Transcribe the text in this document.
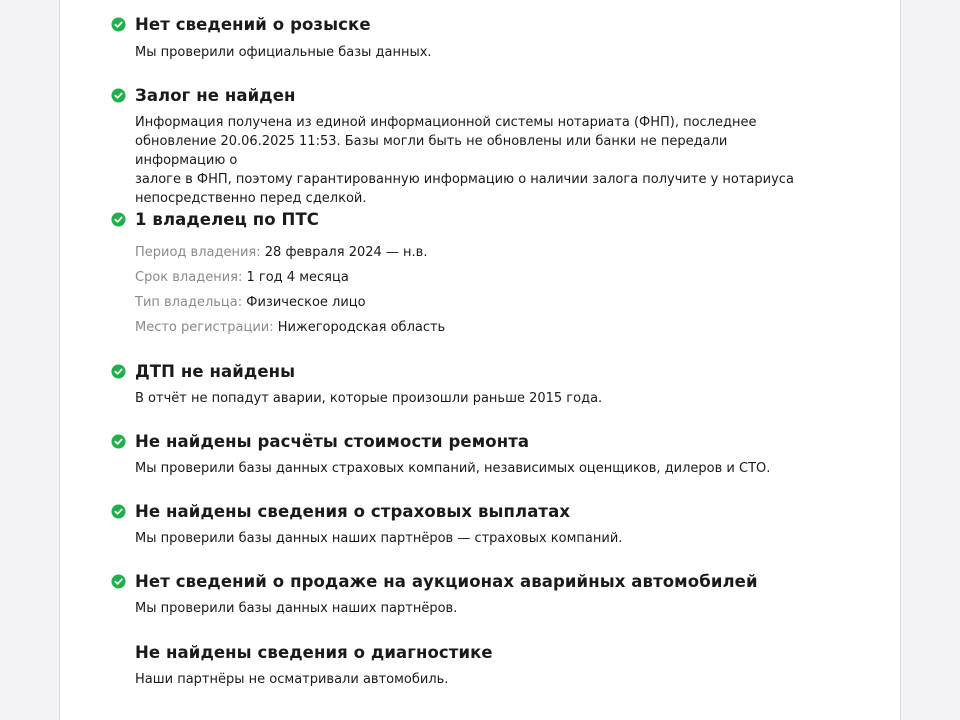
Нет сведений о розыске
Мы проверили официальные базы данных.
Залог не найден
Информация получена из единой информационной системы нотариата (ФНП), последнее
обновление 20.06.2025 11:53. Базы могли быть не обновлены или банки не передали информацию о
залоге в ФНП, поэтому гарантированную информацию о наличии залога получите у нотариуса
непосредственно перед сделкой.
1 владелец по ПТС
Период владения: 28 февраля 2024 — н.в.
Срок владения: 1 год 4 месяца
Тип владельца: Физическое лицо
Место регистрации: Нижегородская область
ДТП не найдены
В отчёт не попадут аварии, которые произошли раньше 2015 года.
Не найдены расчёты стоимости ремонта
Мы проверили базы данных страховых компаний, независимых оценщиков, дилеров и СТО.
Не найдены сведения о страховых выплатах
Мы проверили базы данных наших партнёров — страховых компаний.
Нет сведений о продаже на аукционах аварийных автомобилей
Мы проверили базы данных наших партнёров.
Не найдены сведения о диагностике
Наши партнёры не осматривали автомобиль.
